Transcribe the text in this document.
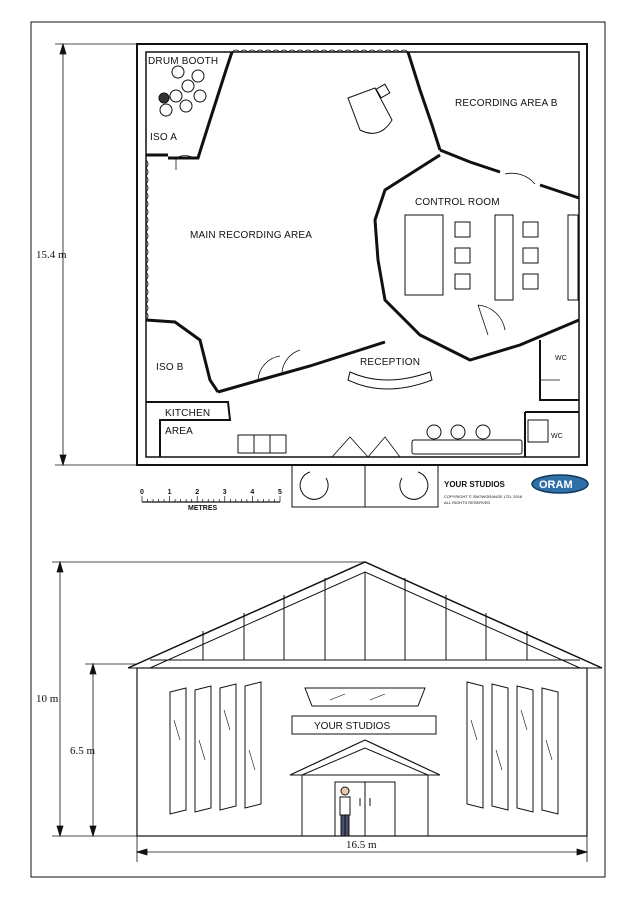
DRUM BOOTH
ISO A
RECORDING AREA B
CONTROL ROOM
MAIN RECORDING AREA
ISO B	RECEPTION
KITCHEN
AREA
WC
WC
15.4 m
0	1	2	3	4	5
METRES
YOUR STUDIOS	ORAM
COPYRIGHT © SNOWGRANGE LTD. 2016
ALL RIGHTS RESERVED
YOUR STUDIOS
10 m
6.5 m
16.5 m
